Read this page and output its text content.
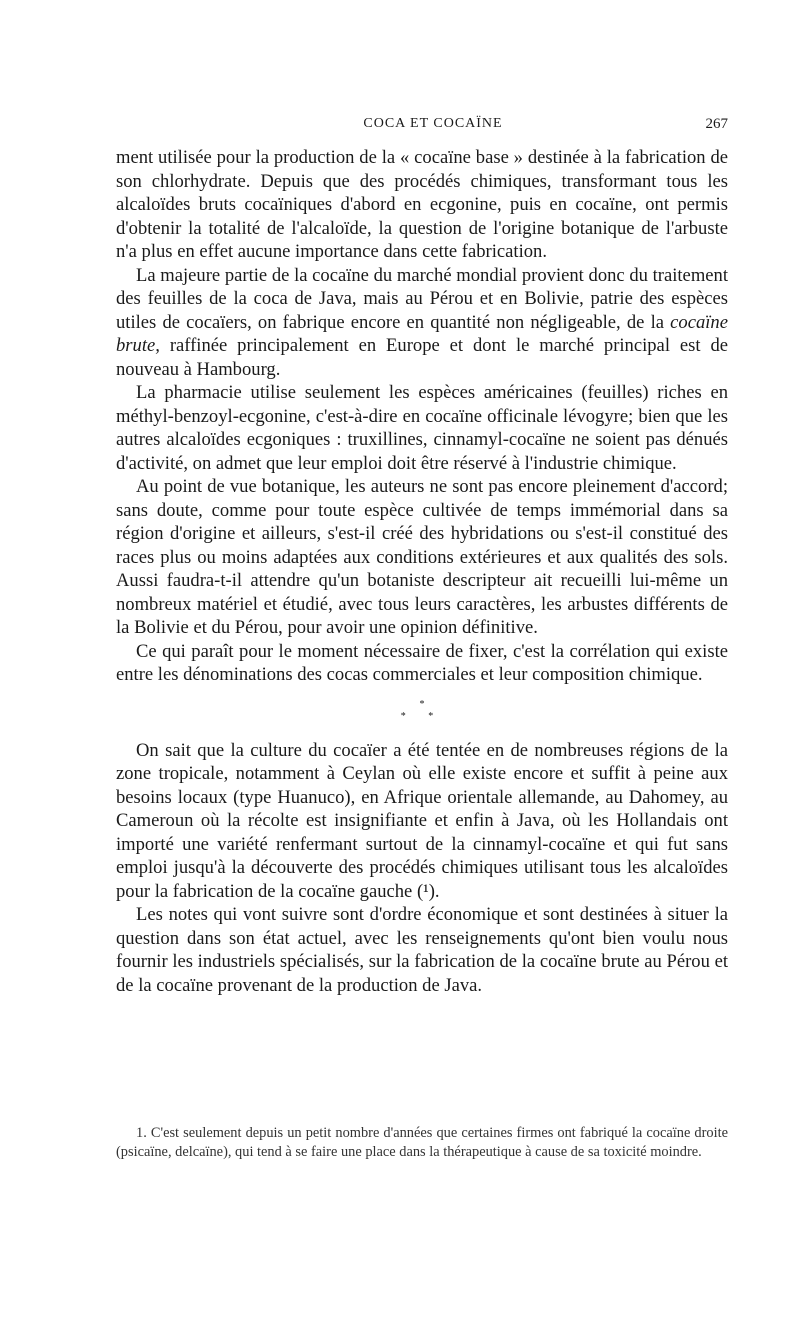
COCA ET COCAÏNE	267

ment utilisée pour la production de la « cocaïne base » destinée à la fabrication de son chlorhydrate. Depuis que des procédés chimiques, transformant tous les alcaloïdes bruts cocaïniques d'abord en ecgonine, puis en cocaïne, ont permis d'obtenir la totalité de l'alcaloïde, la question de l'origine botanique de l'arbuste n'a plus en effet aucune importance dans cette fabrication.

La majeure partie de la cocaïne du marché mondial provient donc du traitement des feuilles de la coca de Java, mais au Pérou et en Bolivie, patrie des espèces utiles de cocaïers, on fabrique encore en quantité non négligeable, de la cocaïne brute, raffinée principalement en Europe et dont le marché principal est de nouveau à Hambourg.

La pharmacie utilise seulement les espèces américaines (feuilles) riches en méthyl-benzoyl-ecgonine, c'est-à-dire en cocaïne officinale lévogyre; bien que les autres alcaloïdes ecgoniques : truxillines, cinnamyl-cocaïne ne soient pas dénués d'activité, on admet que leur emploi doit être réservé à l'industrie chimique.

Au point de vue botanique, les auteurs ne sont pas encore pleinement d'accord; sans doute, comme pour toute espèce cultivée de temps immémorial dans sa région d'origine et ailleurs, s'est-il créé des hybridations ou s'est-il constitué des races plus ou moins adaptées aux conditions extérieures et aux qualités des sols. Aussi faudra-t-il attendre qu'un botaniste descripteur ait recueilli lui-même un nombreux matériel et étudié, avec tous leurs caractères, les arbustes différents de la Bolivie et du Pérou, pour avoir une opinion définitive.

Ce qui paraît pour le moment nécessaire de fixer, c'est la corrélation qui existe entre les dénominations des cocas commerciales et leur composition chimique.

*
* *

On sait que la culture du cocaïer a été tentée en de nombreuses régions de la zone tropicale, notamment à Ceylan où elle existe encore et suffit à peine aux besoins locaux (type Huanuco), en Afrique orientale allemande, au Dahomey, au Cameroun où la récolte est insignifiante et enfin à Java, où les Hollandais ont importé une variété renfermant surtout de la cinnamyl-cocaïne et qui fut sans emploi jusqu'à la découverte des procédés chimiques utilisant tous les alcaloïdes pour la fabrication de la cocaïne gauche (¹).

Les notes qui vont suivre sont d'ordre économique et sont destinées à situer la question dans son état actuel, avec les renseignements qu'ont bien voulu nous fournir les industriels spécialisés, sur la fabrication de la cocaïne brute au Pérou et de la cocaïne provenant de la production de Java.

1. C'est seulement depuis un petit nombre d'années que certaines firmes ont fabriqué la cocaïne droite (psicaïne, delcaïne), qui tend à se faire une place dans la thérapeutique à cause de sa toxicité moindre.
